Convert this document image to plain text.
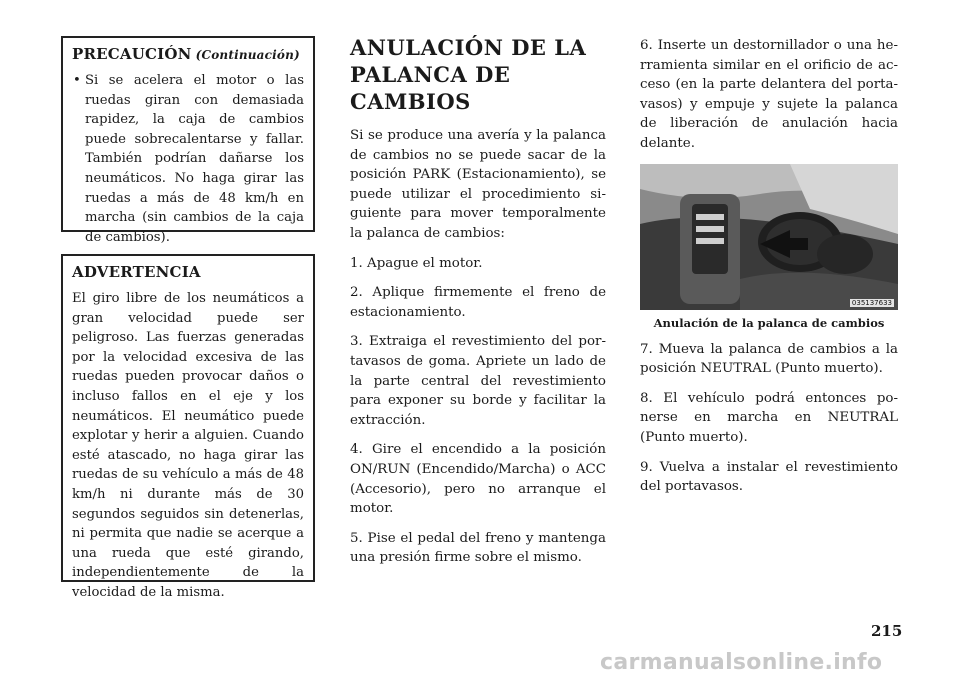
PRECAUCIÓN (Continuación)
• Si se acelera el motor o las ruedas giran con demasiada rapidez, la caja de cambios puede sobrecalentarse y fallar. También podrían dañarse los neumáticos. No haga girar las ruedas a más de 48 km/h en marcha (sin cambios de la caja de cambios).
ADVERTENCIA
El giro libre de los neumáticos a gran velocidad puede ser peligroso. Las fuerzas generadas por la velocidad excesiva de las ruedas pueden provocar daños o incluso fallos en el eje y los neumáticos. El neumático puede explotar y herir a alguien. Cuando esté atascado, no haga girar las ruedas de su vehículo a más de 48 km/h ni durante más de 30 segundos seguidos sin detenerlas, ni permita que nadie se acerque a una rueda que esté girando, independientemente de la velocidad de la misma.
ANULACIÓN DE LA PALANCA DE CAMBIOS

Si se produce una avería y la palanca de cambios no se puede sacar de la posición PARK (Estacionamiento), se puede utilizar el procedimiento siguiente para mover temporalmente la palanca de cambios:

1. Apague el motor.

2. Aplique firmemente el freno de estacionamiento.

3. Extraiga el revestimiento del portavasos de goma. Apriete un lado de la parte central del revestimiento para exponer su borde y facilitar la extracción.

4. Gire el encendido a la posición ON/RUN (Encendido/Marcha) o ACC (Accesorio), pero no arranque el motor.

5. Pise el pedal del freno y mantenga una presión firme sobre el mismo.

6. Inserte un destornillador o una herramienta similar en el orificio de acceso (en la parte delantera del portavasos) y empuje y sujete la palanca de liberación de anulación hacia delante.

035137633
Anulación de la palanca de cambios

7. Mueva la palanca de cambios a la posición NEUTRAL (Punto muerto).

8. El vehículo podrá entonces ponerse en marcha en NEUTRAL (Punto muerto).

9. Vuelva a instalar el revestimiento del portavasos.

215
carmanualsonline.info
